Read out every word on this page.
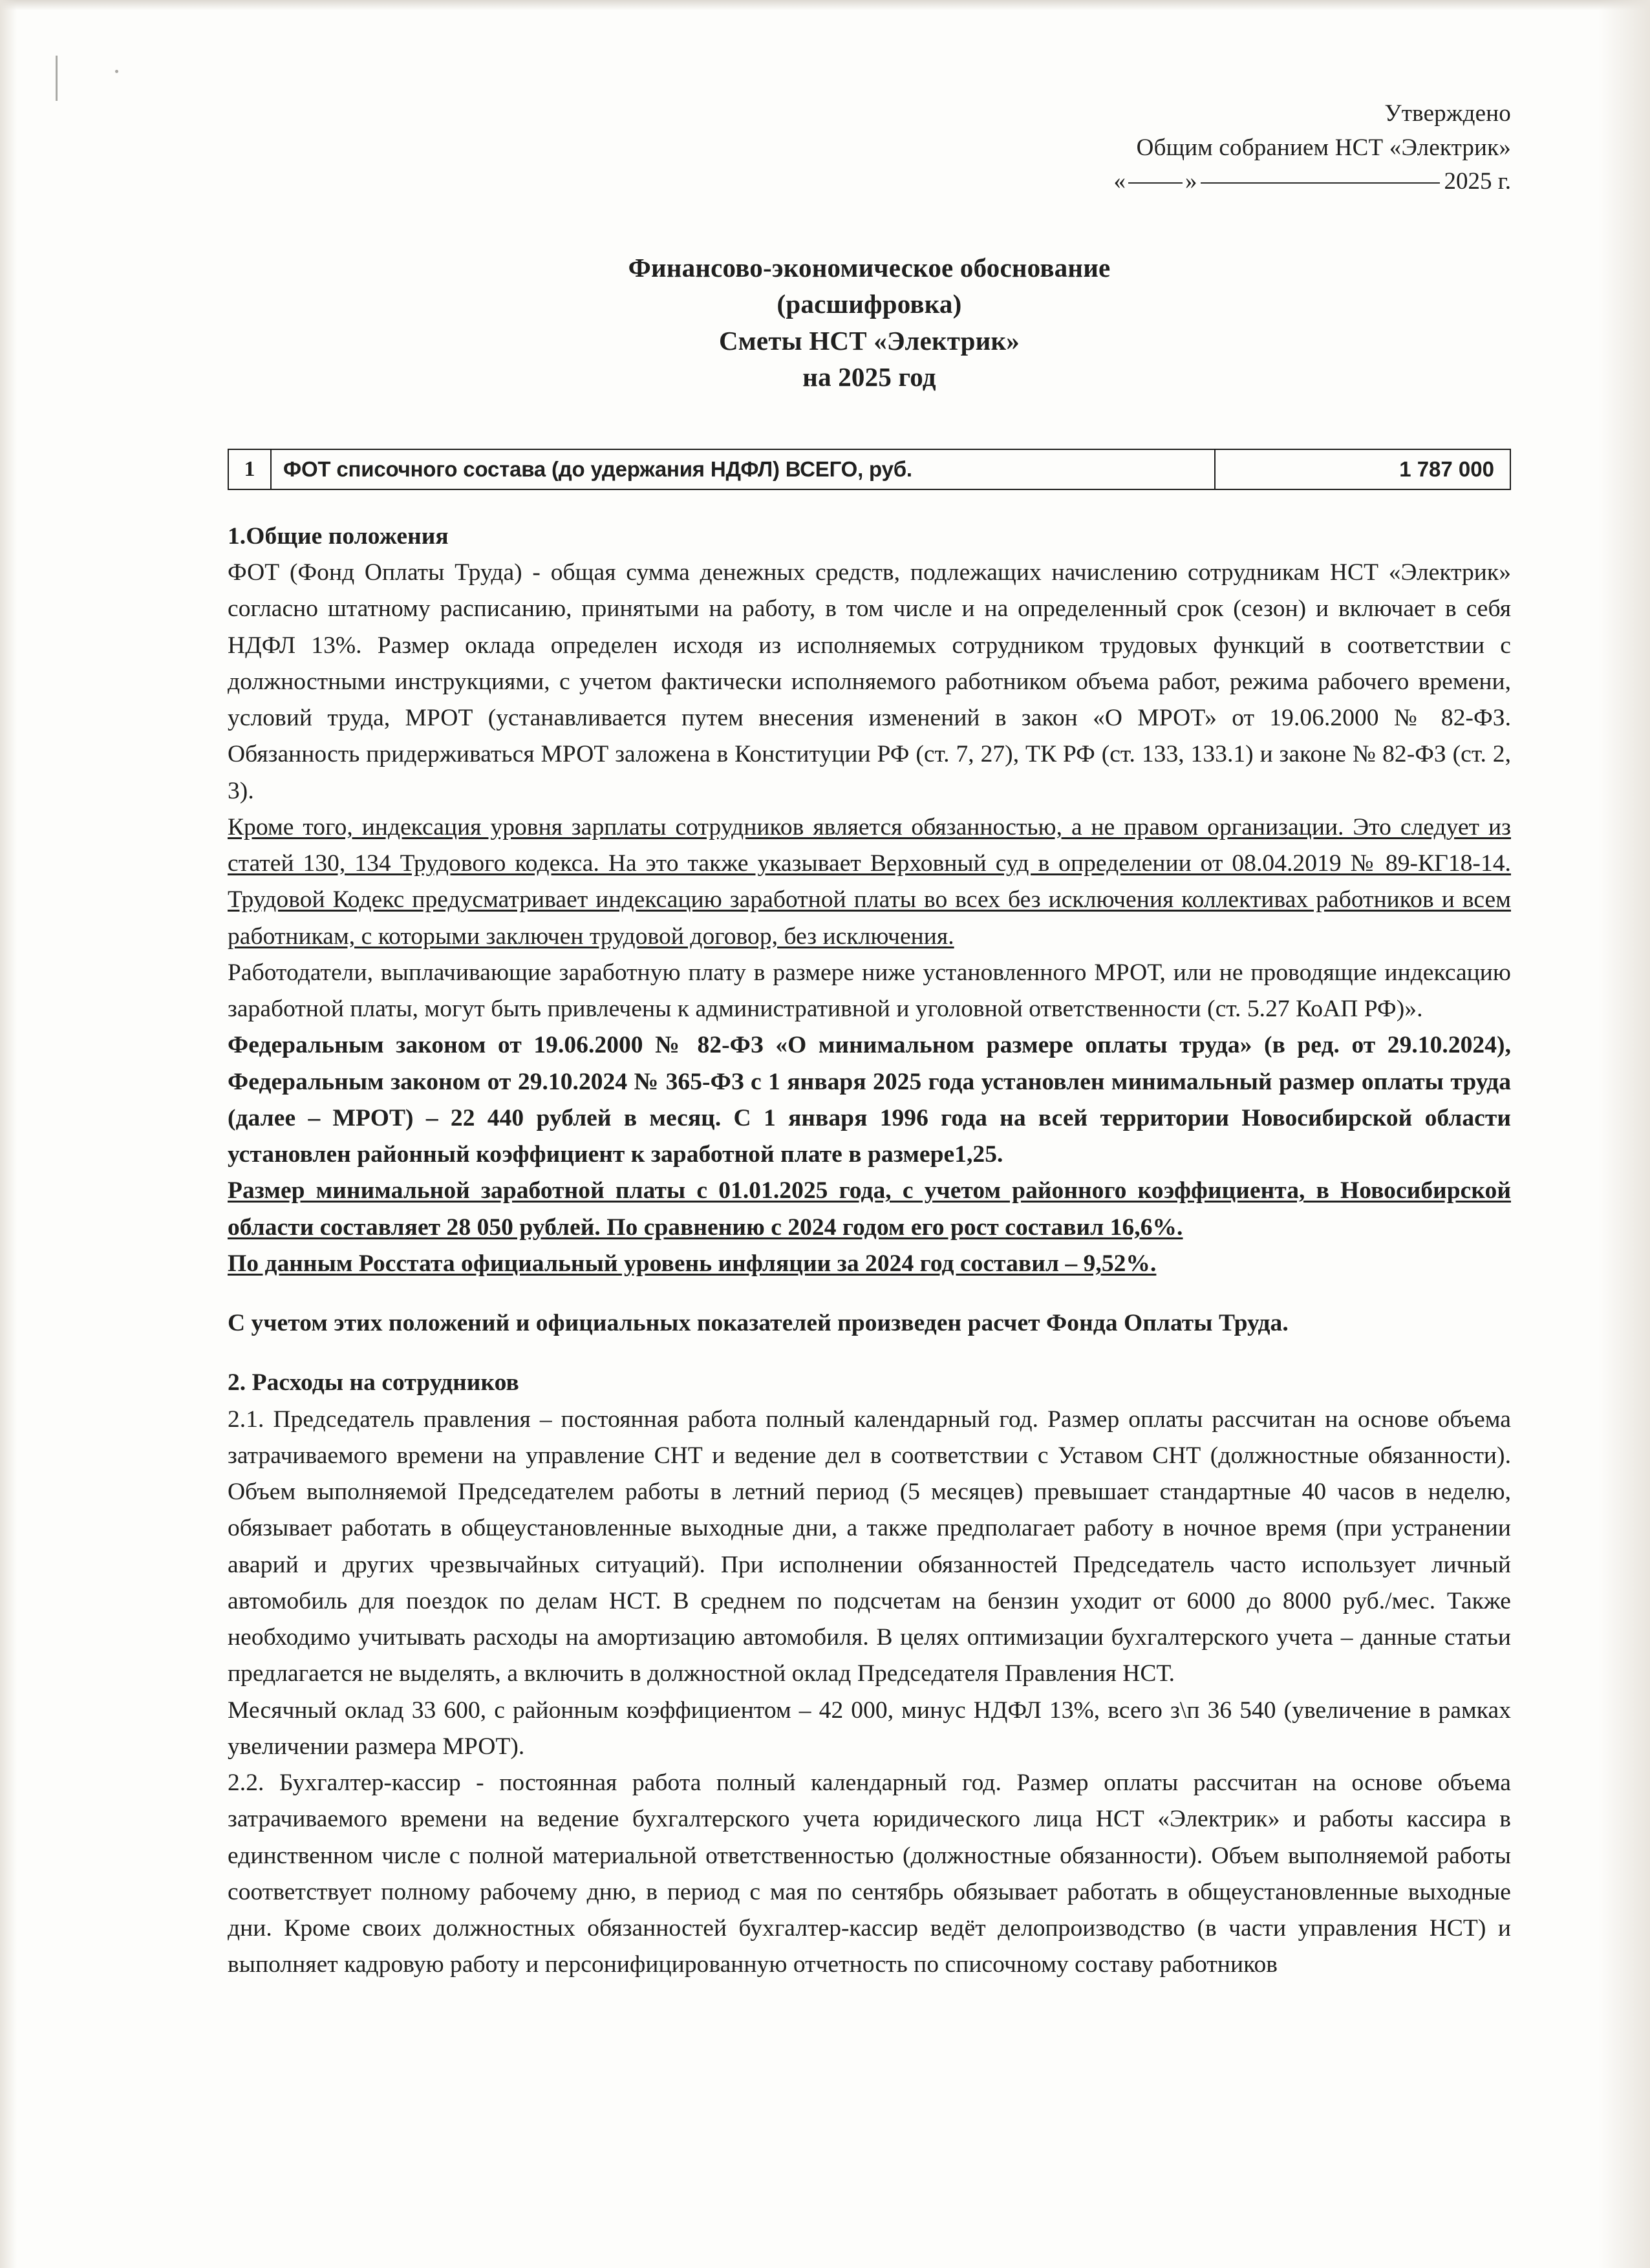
Утверждено
Общим собранием НСТ «Электрик»
« »	2025 г.
Финансово-экономическое обоснование
(расшифровка)
Сметы НСТ «Электрик»
на 2025 год
1	ФОТ списочного состава (до удержания НДФЛ) ВСЕГО, руб.	1 787 000

1.Общие положения

ФОТ (Фонд Оплаты Труда) - общая сумма денежных средств, подлежащих начислению сотрудникам НСТ «Электрик» согласно штатному расписанию, принятыми на работу, в том числе и на определенный срок (сезон) и включает в себя НДФЛ 13%. Размер оклада определен исходя из исполняемых сотрудником трудовых функций в соответствии с должностными инструкциями, с учетом фактически исполняемого работником объема работ, режима рабочего времени, условий труда, МРОТ (устанавливается путем внесения изменений в закон «О МРОТ» от 19.06.2000 № 82-ФЗ. Обязанность придерживаться МРОТ заложена в Конституции РФ (ст. 7, 27), ТК РФ (ст. 133, 133.1) и законе № 82-ФЗ (ст. 2, 3).

Кроме того, индексация уровня зарплаты сотрудников является обязанностью, а не правом организации. Это следует из статей 130, 134 Трудового кодекса. На это также указывает Верховный суд в определении от 08.04.2019 № 89-КГ18-14. Трудовой Кодекс предусматривает индексацию заработной платы во всех без исключения коллективах работников и всем работникам, с которыми заключен трудовой договор, без исключения.

Работодатели, выплачивающие заработную плату в размере ниже установленного МРОТ, или не проводящие индексацию заработной платы, могут быть привлечены к административной и уголовной ответственности (ст. 5.27 КоАП РФ)».

Федеральным законом от 19.06.2000 № 82-ФЗ «О минимальном размере оплаты труда» (в ред. от 29.10.2024), Федеральным законом от 29.10.2024 № 365-ФЗ с 1 января 2025 года установлен минимальный размер оплаты труда (далее – МРОТ) – 22 440 рублей в месяц. С 1 января 1996 года на всей территории Новосибирской области установлен районный коэффициент к заработной плате в размере1,25.

Размер минимальной заработной платы с 01.01.2025 года, с учетом районного коэффициента, в Новосибирской области составляет 28 050 рублей. По сравнению с 2024 годом его рост составил 16,6%.

По данным Росстата официальный уровень инфляции за 2024 год составил – 9,52%.

С учетом этих положений и официальных показателей произведен расчет Фонда Оплаты Труда.

2. Расходы на сотрудников

2.1. Председатель правления – постоянная работа полный календарный год. Размер оплаты рассчитан на основе объема затрачиваемого времени на управление СНТ и ведение дел в соответствии с Уставом СНТ (должностные обязанности). Объем выполняемой Председателем работы в летний период (5 месяцев) превышает стандартные 40 часов в неделю, обязывает работать в общеустановленные выходные дни, а также предполагает работу в ночное время (при устранении аварий и других чрезвычайных ситуаций). При исполнении обязанностей Председатель часто использует личный автомобиль для поездок по делам НСТ. В среднем по подсчетам на бензин уходит от 6000 до 8000 руб./мес. Также необходимо учитывать расходы на амортизацию автомобиля. В целях оптимизации бухгалтерского учета – данные статьи предлагается не выделять, а включить в должностной оклад Председателя Правления НСТ.

Месячный оклад 33 600, с районным коэффициентом – 42 000, минус НДФЛ 13%, всего з\п 36 540 (увеличение в рамках увеличении размера МРОТ).

2.2. Бухгалтер-кассир - постоянная работа полный календарный год. Размер оплаты рассчитан на основе объема затрачиваемого времени на ведение бухгалтерского учета юридического лица НСТ «Электрик» и работы кассира в единственном числе с полной материальной ответственностью (должностные обязанности). Объем выполняемой работы соответствует полному рабочему дню, в период с мая по сентябрь обязывает работать в общеустановленные выходные дни. Кроме своих должностных обязанностей бухгалтер-кассир ведёт делопроизводство (в части управления НСТ) и выполняет кадровую работу и персонифицированную отчетность по списочному составу работников
